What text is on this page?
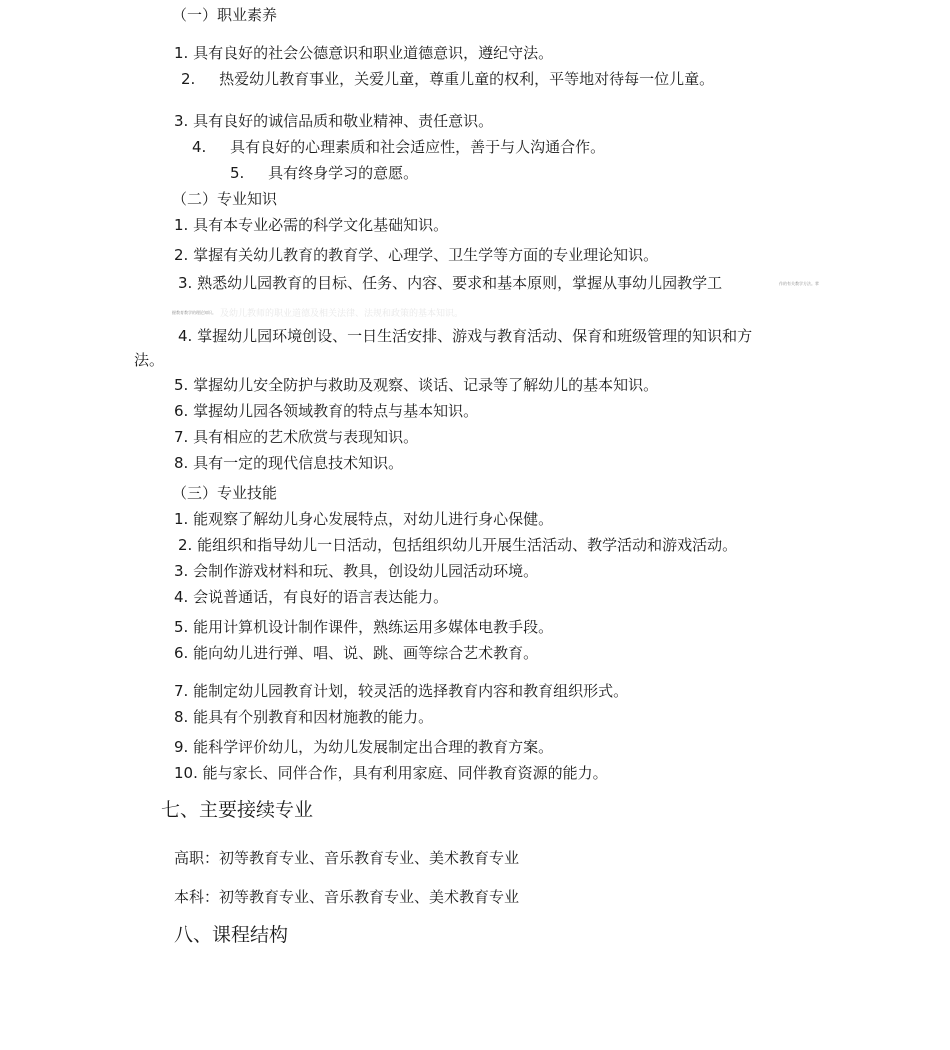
（一）职业素养
1. 具有良好的社会公德意识和职业道德意识，遵纪守法。
2.     热爱幼儿教育事业，关爱儿童，尊重儿童的权利，平等地对待每一位儿童。
3. 具有良好的诚信品质和敬业精神、责任意识。
4.     具有良好的心理素质和社会适应性，善于与人沟通合作。
5.     具有终身学习的意愿。
（二）专业知识
1. 具有本专业必需的科学文化基础知识。
2. 掌握有关幼儿教育的教育学、心理学、卫生学等方面的专业理论知识。
3. 熟悉幼儿园教育的目标、任务、内容、要求和基本原则，掌握从事幼儿园教学工	作的有关教学方法。掌
握教育教学的理论知识。 及幼儿教师的职业道德及相关法律、法规和政策的基本知识。
4. 掌握幼儿园环境创设、一日生活安排、游戏与教育活动、保育和班级管理的知识和方
法。
5. 掌握幼儿安全防护与救助及观察、谈话、记录等了解幼儿的基本知识。
6. 掌握幼儿园各领域教育的特点与基本知识。
7. 具有相应的艺术欣赏与表现知识。
8. 具有一定的现代信息技术知识。
（三）专业技能
1. 能观察了解幼儿身心发展特点，对幼儿进行身心保健。
2. 能组织和指导幼儿一日活动，包括组织幼儿开展生活活动、教学活动和游戏活动。
3. 会制作游戏材料和玩、教具，创设幼儿园活动环境。
4. 会说普通话，有良好的语言表达能力。
5. 能用计算机设计制作课件，熟练运用多媒体电教手段。
6. 能向幼儿进行弹、唱、说、跳、画等综合艺术教育。
7. 能制定幼儿园教育计划，较灵活的选择教育内容和教育组织形式。
8. 能具有个别教育和因材施教的能力。
9. 能科学评价幼儿，为幼儿发展制定出合理的教育方案。
10. 能与家长、同伴合作，具有利用家庭、同伴教育资源的能力。
七、主要接续专业
高职：初等教育专业、音乐教育专业、美术教育专业
本科：初等教育专业、音乐教育专业、美术教育专业
八、课程结构
